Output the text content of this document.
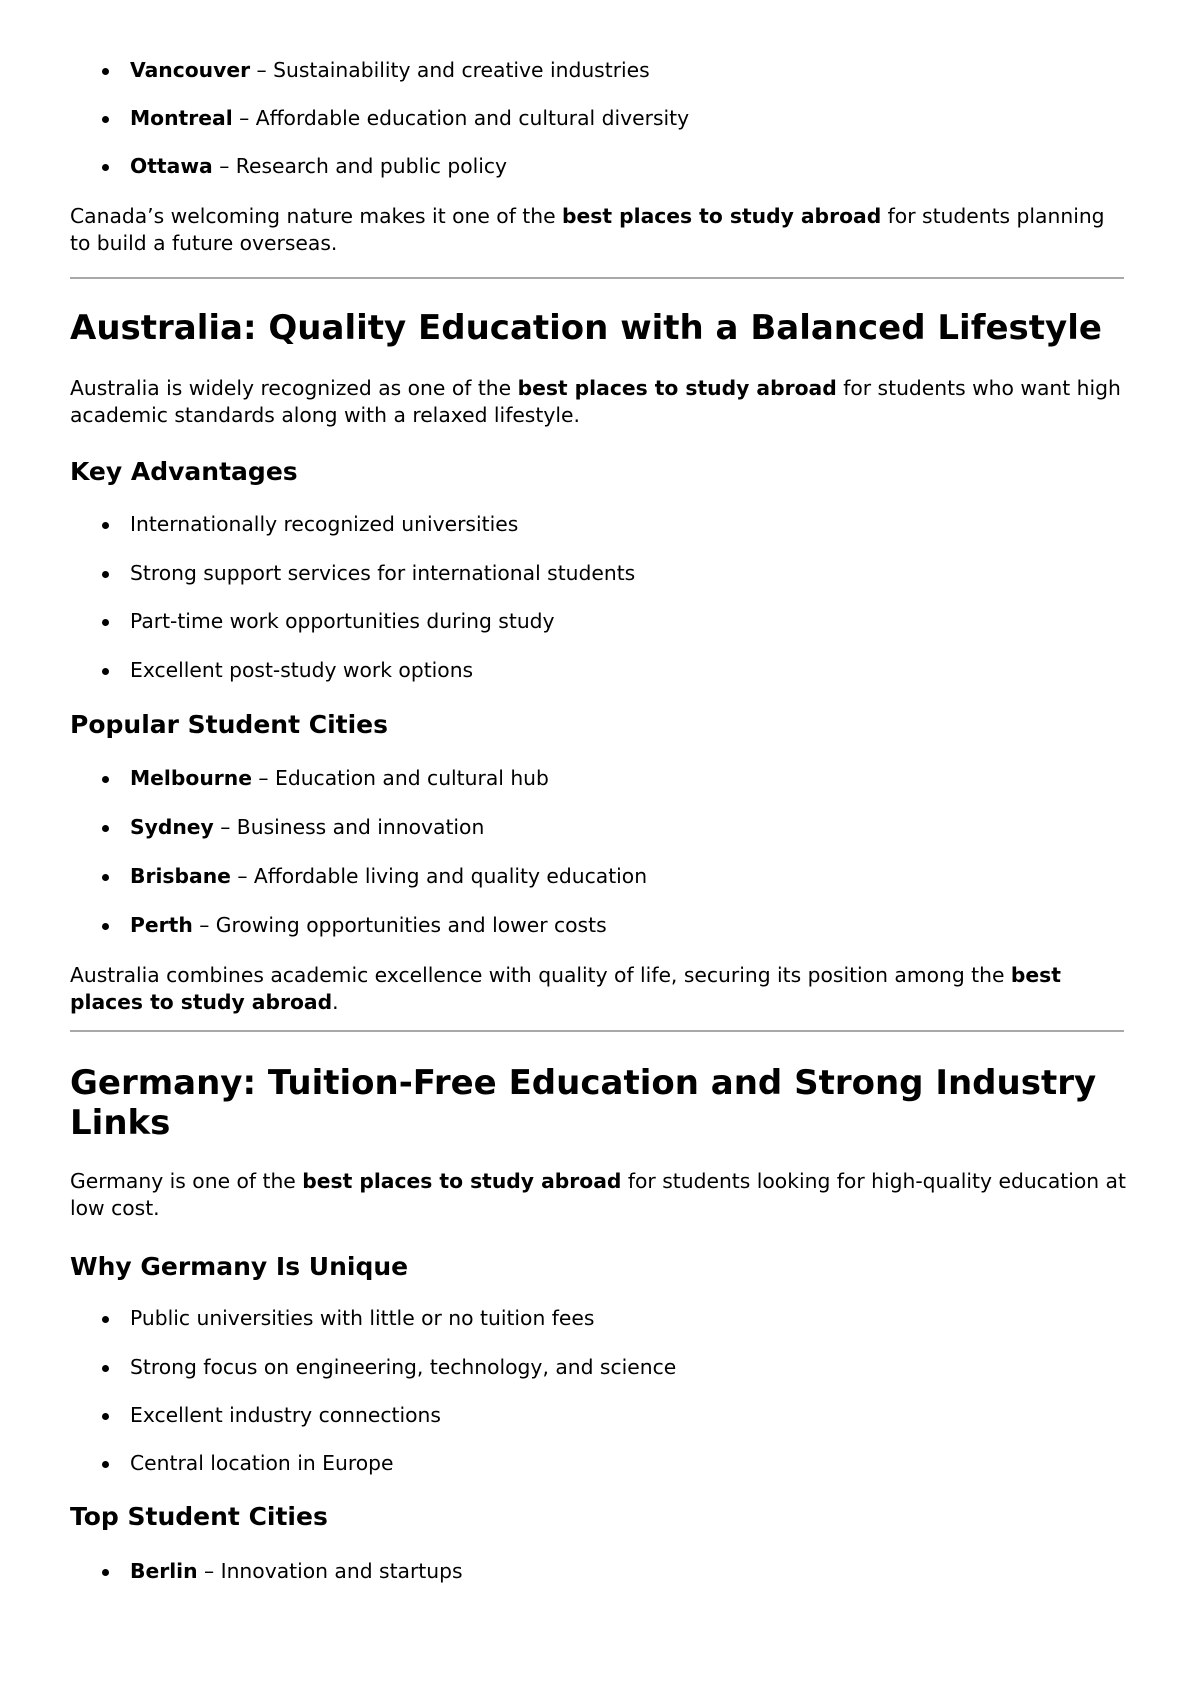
Vancouver – Sustainability and creative industries
Montreal – Affordable education and cultural diversity
Ottawa – Research and public policy

Canada’s welcoming nature makes it one of the best places to study abroad for students planning to build a future overseas.

Australia: Quality Education with a Balanced Lifestyle

Australia is widely recognized as one of the best places to study abroad for students who want high academic standards along with a relaxed lifestyle.

Key Advantages
Internationally recognized universities
Strong support services for international students
Part-time work opportunities during study
Excellent post-study work options
Popular Student Cities
Melbourne – Education and cultural hub
Sydney – Business and innovation
Brisbane – Affordable living and quality education
Perth – Growing opportunities and lower costs

Australia combines academic excellence with quality of life, securing its position among the best places to study abroad.

Germany: Tuition-Free Education and Strong Industry Links

Germany is one of the best places to study abroad for students looking for high-quality education at low cost.

Why Germany Is Unique
Public universities with little or no tuition fees
Strong focus on engineering, technology, and science
Excellent industry connections
Central location in Europe
Top Student Cities
Berlin – Innovation and startups
